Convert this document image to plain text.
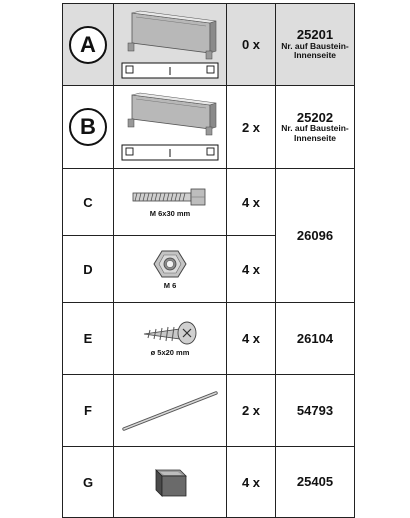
A		0 x	25201
Nr. auf Baustein-Innenseite

B		2 x	25202
Nr. auf Baustein-Innenseite

C	M 6x30 mm	4 x	26096
D	M 6	4 x	
E	ø 5x20 mm	4 x	26104
F		2 x	54793
G		4 x	25405
